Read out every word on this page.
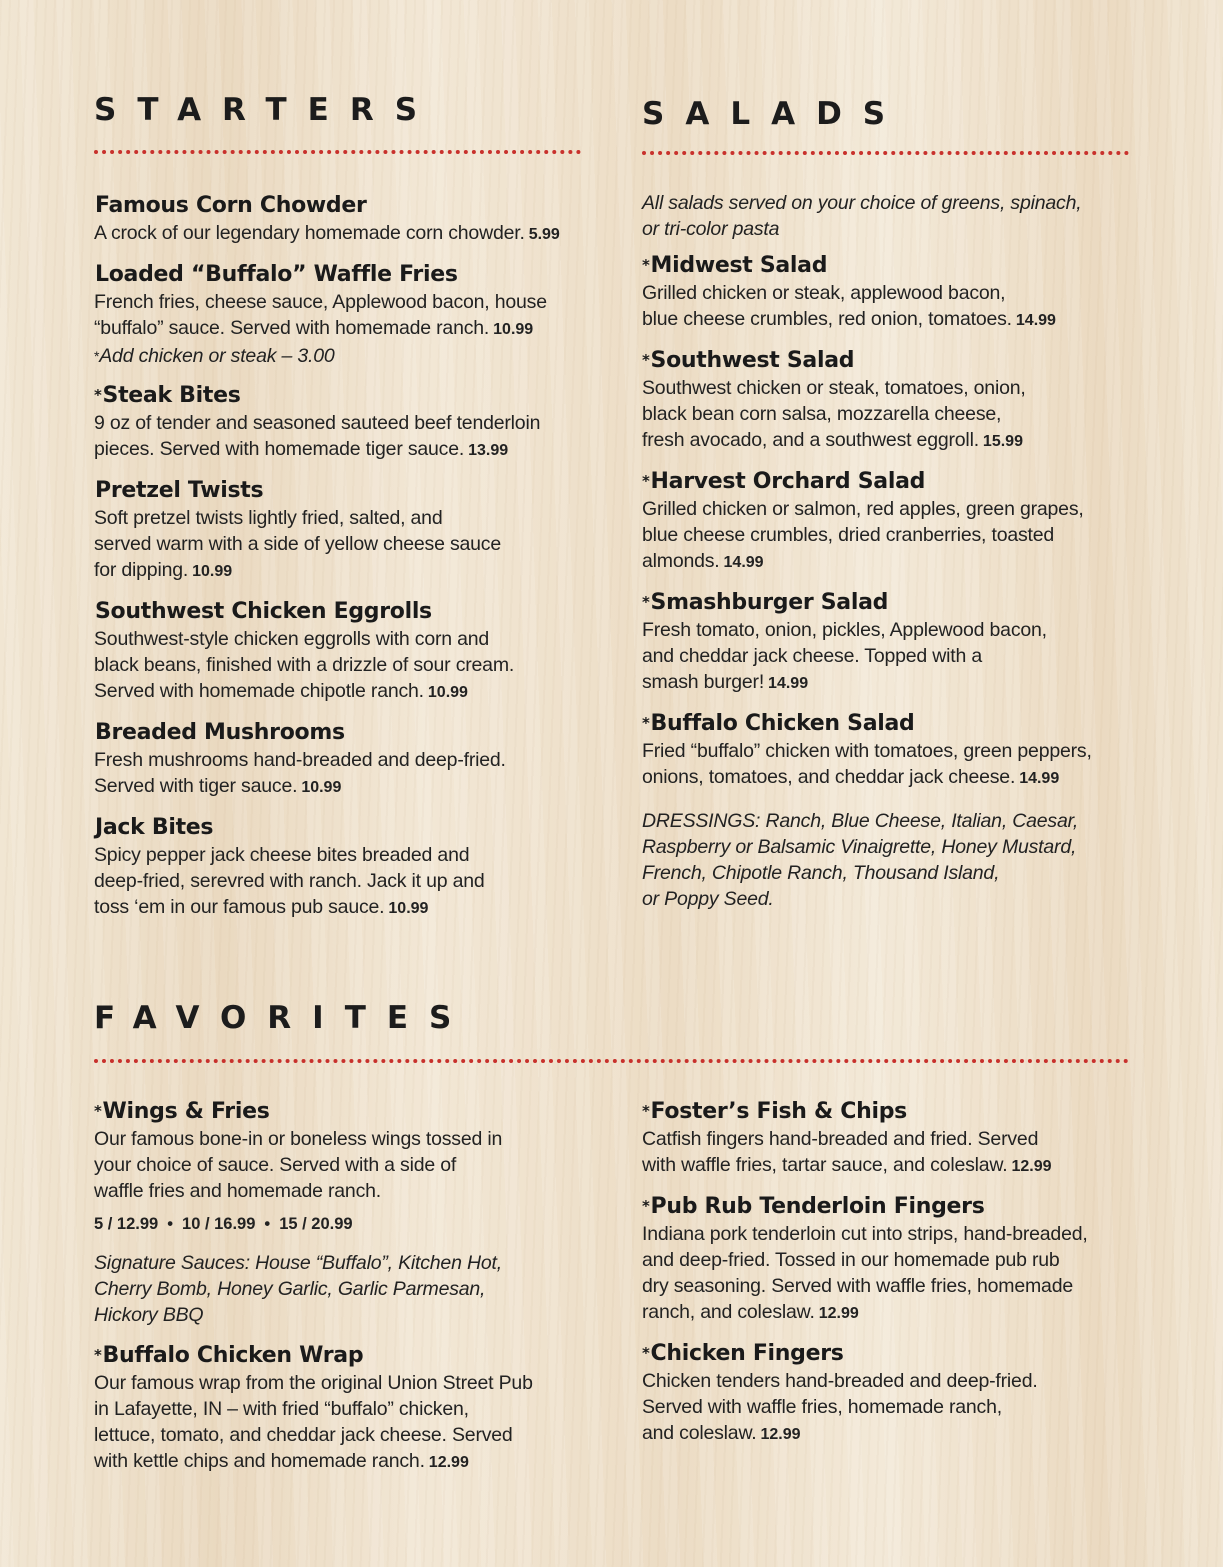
STARTERS
Famous Corn Chowder
A crock of our legendary homemade corn chowder. 5.99
Loaded “Buffalo” Waffle Fries
French fries, cheese sauce, Applewood bacon, house
“buffalo” sauce. Served with homemade ranch. 10.99
*Add chicken or steak – 3.00
*Steak Bites
9 oz of tender and seasoned sauteed beef tenderloin
pieces. Served with homemade tiger sauce. 13.99
Pretzel Twists
Soft pretzel twists lightly fried, salted, and
served warm with a side of yellow cheese sauce
for dipping. 10.99
Southwest Chicken Eggrolls
Southwest-style chicken eggrolls with corn and
black beans, finished with a drizzle of sour cream.
Served with homemade chipotle ranch. 10.99
Breaded Mushrooms
Fresh mushrooms hand-breaded and deep-fried.
Served with tiger sauce. 10.99
Jack Bites
Spicy pepper jack cheese bites breaded and
deep-fried, serevred with ranch. Jack it up and
toss ‘em in our famous pub sauce. 10.99
SALADS
All salads served on your choice of greens, spinach,
or tri-color pasta
*Midwest Salad
Grilled chicken or steak, applewood bacon,
blue cheese crumbles, red onion, tomatoes. 14.99
*Southwest Salad
Southwest chicken or steak, tomatoes, onion,
black bean corn salsa, mozzarella cheese,
fresh avocado, and a southwest eggroll. 15.99
*Harvest Orchard Salad
Grilled chicken or salmon, red apples, green grapes,
blue cheese crumbles, dried cranberries, toasted
almonds. 14.99
*Smashburger Salad
Fresh tomato, onion, pickles, Applewood bacon,
and cheddar jack cheese. Topped with a
smash burger! 14.99
*Buffalo Chicken Salad
Fried “buffalo” chicken with tomatoes, green peppers,
onions, tomatoes, and cheddar jack cheese. 14.99
DRESSINGS: Ranch, Blue Cheese, Italian, Caesar,
Raspberry or Balsamic Vinaigrette, Honey Mustard,
French, Chipotle Ranch, Thousand Island,
or Poppy Seed.
FAVORITES
*Wings & Fries
Our famous bone-in or boneless wings tossed in
your choice of sauce. Served with a side of
waffle fries and homemade ranch.
5 / 12.99 • 10 / 16.99 • 15 / 20.99
Signature Sauces: House “Buffalo”, Kitchen Hot,
Cherry Bomb, Honey Garlic, Garlic Parmesan,
Hickory BBQ
*Buffalo Chicken Wrap
Our famous wrap from the original Union Street Pub
in Lafayette, IN – with fried “buffalo” chicken,
lettuce, tomato, and cheddar jack cheese. Served
with kettle chips and homemade ranch. 12.99
*Foster’s Fish & Chips
Catfish fingers hand-breaded and fried. Served
with waffle fries, tartar sauce, and coleslaw. 12.99
*Pub Rub Tenderloin Fingers
Indiana pork tenderloin cut into strips, hand-breaded,
and deep-fried. Tossed in our homemade pub rub
dry seasoning. Served with waffle fries, homemade
ranch, and coleslaw. 12.99
*Chicken Fingers
Chicken tenders hand-breaded and deep-fried.
Served with waffle fries, homemade ranch,
and coleslaw. 12.99
